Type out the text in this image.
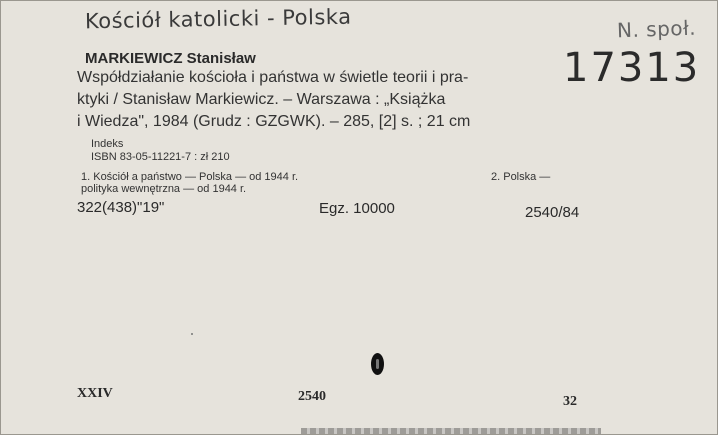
Kościół katolicki - Polska	N. społ.
17313
MARKIEWICZ Stanisław
Współdziałanie kościoła i państwa w świetle teorii i pra-
ktyki / Stanisław Markiewicz. – Warszawa : „Książka
i Wiedza", 1984 (Grudz : GZGWK). – 285, [2] s. ; 21 cm
Indeks
ISBN 83-05-11221-7 : zł 210
1. Kościół a państwo — Polska — od 1944 r.	2. Polska —
polityka wewnętrzna — od 1944 r.
322(438)"19"	Egz. 10000	2540/84
XXIV	2540	32
